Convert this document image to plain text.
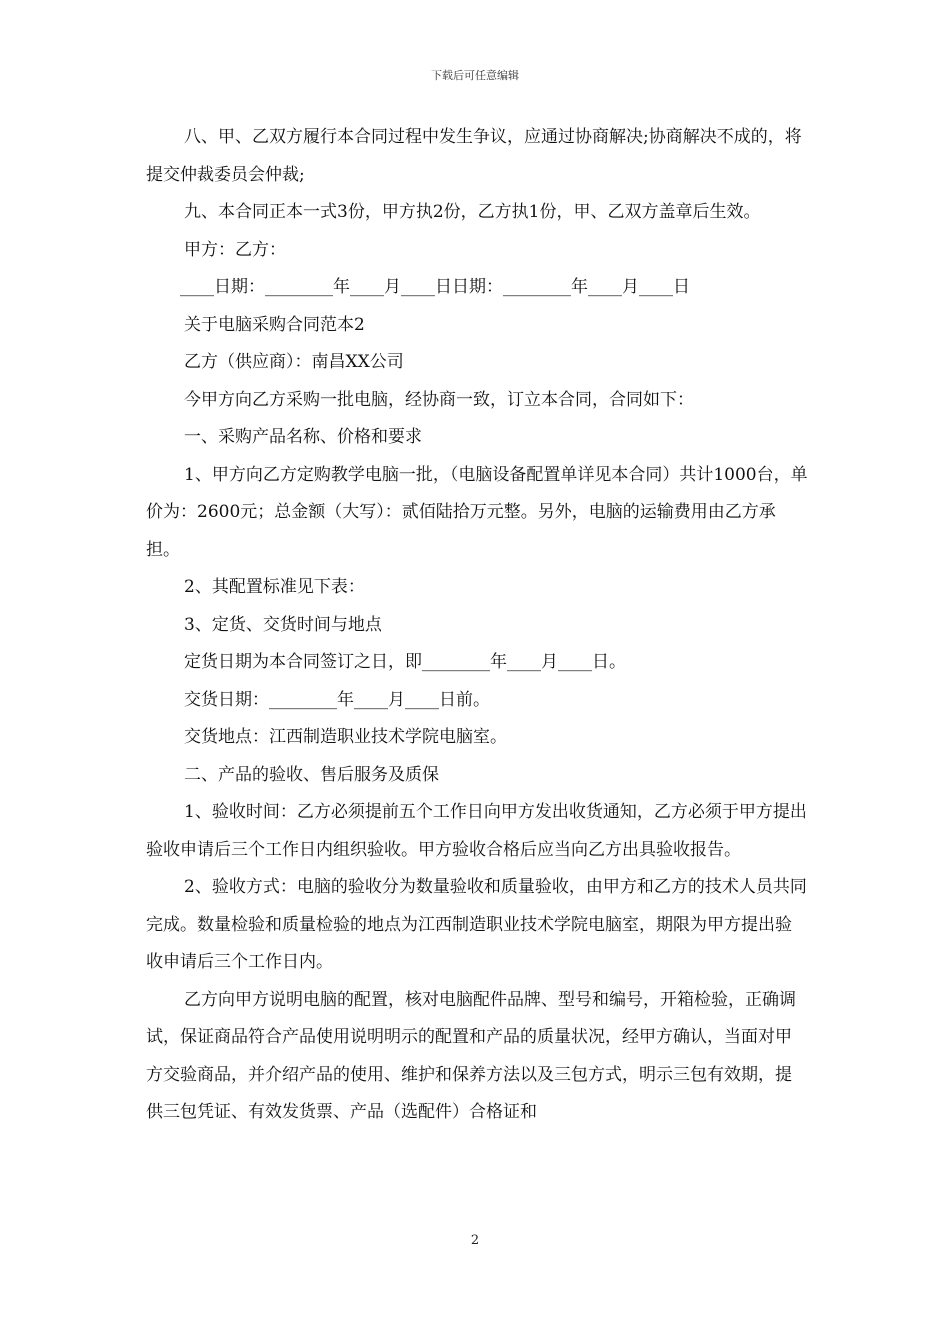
下载后可任意编辑

八、甲、乙双方履行本合同过程中发生争议，应通过协商解决;协商解决不成的，将提交仲裁委员会仲裁;

九、本合同正本一式3份，甲方执2份，乙方执1份，甲、乙双方盖章后生效。

甲方：乙方：

____日期：________年____月____日日期：________年____月____日

关于电脑采购合同范本2

乙方（供应商）：南昌XX公司

今甲方向乙方采购一批电脑，经协商一致，订立本合同，合同如下：

一、采购产品名称、价格和要求

1、甲方向乙方定购教学电脑一批，（电脑设备配置单详见本合同）共计1000台，单价为：2600元；总金额（大写）：贰佰陆拾万元整。另外，电脑的运输费用由乙方承担。

2、其配置标准见下表：

3、定货、交货时间与地点

定货日期为本合同签订之日，即________年____月____日。

交货日期：________年____月____日前。

交货地点：江西制造职业技术学院电脑室。

二、产品的验收、售后服务及质保

1、验收时间：乙方必须提前五个工作日向甲方发出收货通知，乙方必须于甲方提出验收申请后三个工作日内组织验收。甲方验收合格后应当向乙方出具验收报告。

2、验收方式：电脑的验收分为数量验收和质量验收，由甲方和乙方的技术人员共同完成。数量检验和质量检验的地点为江西制造职业技术学院电脑室，期限为甲方提出验收申请后三个工作日内。

乙方向甲方说明电脑的配置，核对电脑配件品牌、型号和编号，开箱检验，正确调试，保证商品符合产品使用说明明示的配置和产品的质量状况，经甲方确认，当面对甲方交验商品，并介绍产品的使用、维护和保养方法以及三包方式，明示三包有效期，提供三包凭证、有效发货票、产品（选配件）合格证和

2
